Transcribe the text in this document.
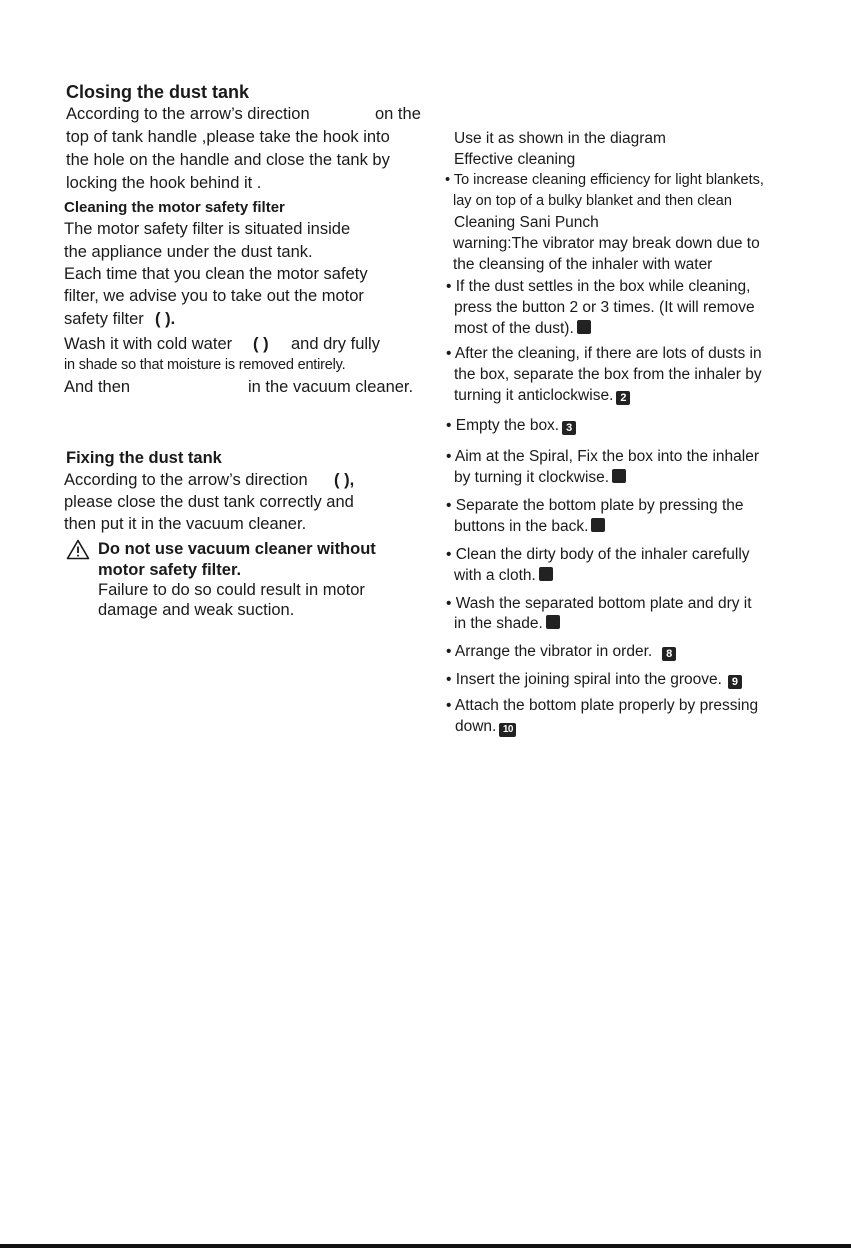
Closing the dust tank
According to the arrow’s direction	on the
top of tank handle ,please take the hook into
the hole on the handle and close the tank by
locking the hook behind it .
Cleaning the motor safety filter
The motor safety filter is situated inside
the appliance under the dust tank.
Each time that you clean the motor safety
filter, we advise you to take out the motor
safety filter ( ).
Wash it with cold water ( ) and dry fully
in shade so that moisture is removed entirely.
And then	in the vacuum cleaner.
Fixing the dust tank
According to the arrow’s direction ( ),
please close the dust tank correctly and
then put it in the vacuum cleaner.
Do not use vacuum cleaner without
motor safety filter.
Failure to do so could result in motor
damage and weak suction.
Use it as shown in the diagram
Effective cleaning
• To increase cleaning efficiency for light blankets,
lay on top of a bulky blanket and then clean
Cleaning Sani Punch
warning:The vibrator may break down due to
the cleansing of the inhaler with water
• If the dust settles in the box while cleaning,
press the button 2 or 3 times. (It will remove
most of the dust).
• After the cleaning, if there are lots of dusts in
the box, separate the box from the inhaler by
turning it anticlockwise. 2
• Empty the box. 3
• Aim at the Spiral, Fix the box into the inhaler
by turning it clockwise.
• Separate the bottom plate by pressing the
buttons in the back.
• Clean the dirty body of the inhaler carefully
with a cloth.
• Wash the separated bottom plate and dry it
in the shade.
• Arrange the vibrator in order. 8
• Insert the joining spiral into the groove. 9
• Attach the bottom plate properly by pressing
down. 10
